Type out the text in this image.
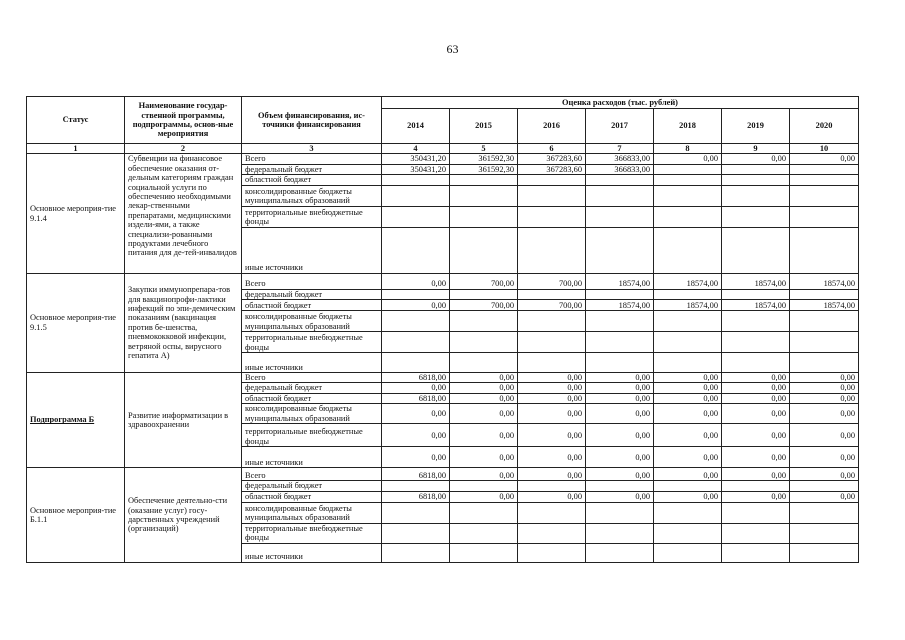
63
Статус	Наименование государ-ственной программы, подпрограммы, основ-ные мероприятия	Объем финансирования, ис-точники финансирования	Оценка расходов (тыс. рублей)						
			2014	2015	2016	2017	2018	2019	2020
1	2	3	4	5	6	7	8	9	10
Основное мероприя-тие 9.1.4	Субвенции на финансовое обеспечение оказания от-дельным категориям граждан социальной услуги по обеспечению необходимыми лекар-ственными препаратами, медицинскими издели-ями, а также специализи-рованными продуктами лечебного питания для де-тей-инвалидов	Всего	350431,20	361592,30	367283,60	366833,00	0,00	0,00	0,00
		федеральный бюджет	350431,20	361592,30	367283,60	366833,00			
		областной бюджет							
		консолидированные бюджеты муниципальных образований							
		территориальные внебюджетные фонды							
		иные источники							
Основное мероприя-тие 9.1.5	Закупки иммунопрепара-тов для вакцинопрофи-лактики инфекций по эпи-демическим показаниям (вакцинация против бе-шенства, пневмококковой инфекции, ветряной оспы, вирусного гепатита А)	Всего	0,00	700,00	700,00	18574,00	18574,00	18574,00	18574,00
		федеральный бюджет							
		областной бюджет	0,00	700,00	700,00	18574,00	18574,00	18574,00	18574,00
		консолидированные бюджеты муниципальных образований							
		территориальные внебюджетные фонды							
		иные источники							
Подпрограмма Б	Развитие информатизации в здравоохранении	Всего	6818,00	0,00	0,00	0,00	0,00	0,00	0,00
		федеральный бюджет	0,00	0,00	0,00	0,00	0,00	0,00	0,00
		областной бюджет	6818,00	0,00	0,00	0,00	0,00	0,00	0,00
		консолидированные бюджеты муниципальных образований	0,00	0,00	0,00	0,00	0,00	0,00	0,00
		территориальные внебюджетные фонды	0,00	0,00	0,00	0,00	0,00	0,00	0,00
		иные источники	0,00	0,00	0,00	0,00	0,00	0,00	0,00
Основное мероприя-тие Б.1.1	Обеспечение деятельно-сти (оказание услуг) госу-дарственных учреждений (организаций)	Всего	6818,00	0,00	0,00	0,00	0,00	0,00	0,00
		федеральный бюджет							
		областной бюджет	6818,00	0,00	0,00	0,00	0,00	0,00	0,00
		консолидированные бюджеты муниципальных образований							
		территориальные внебюджетные фонды							
		иные источники							
